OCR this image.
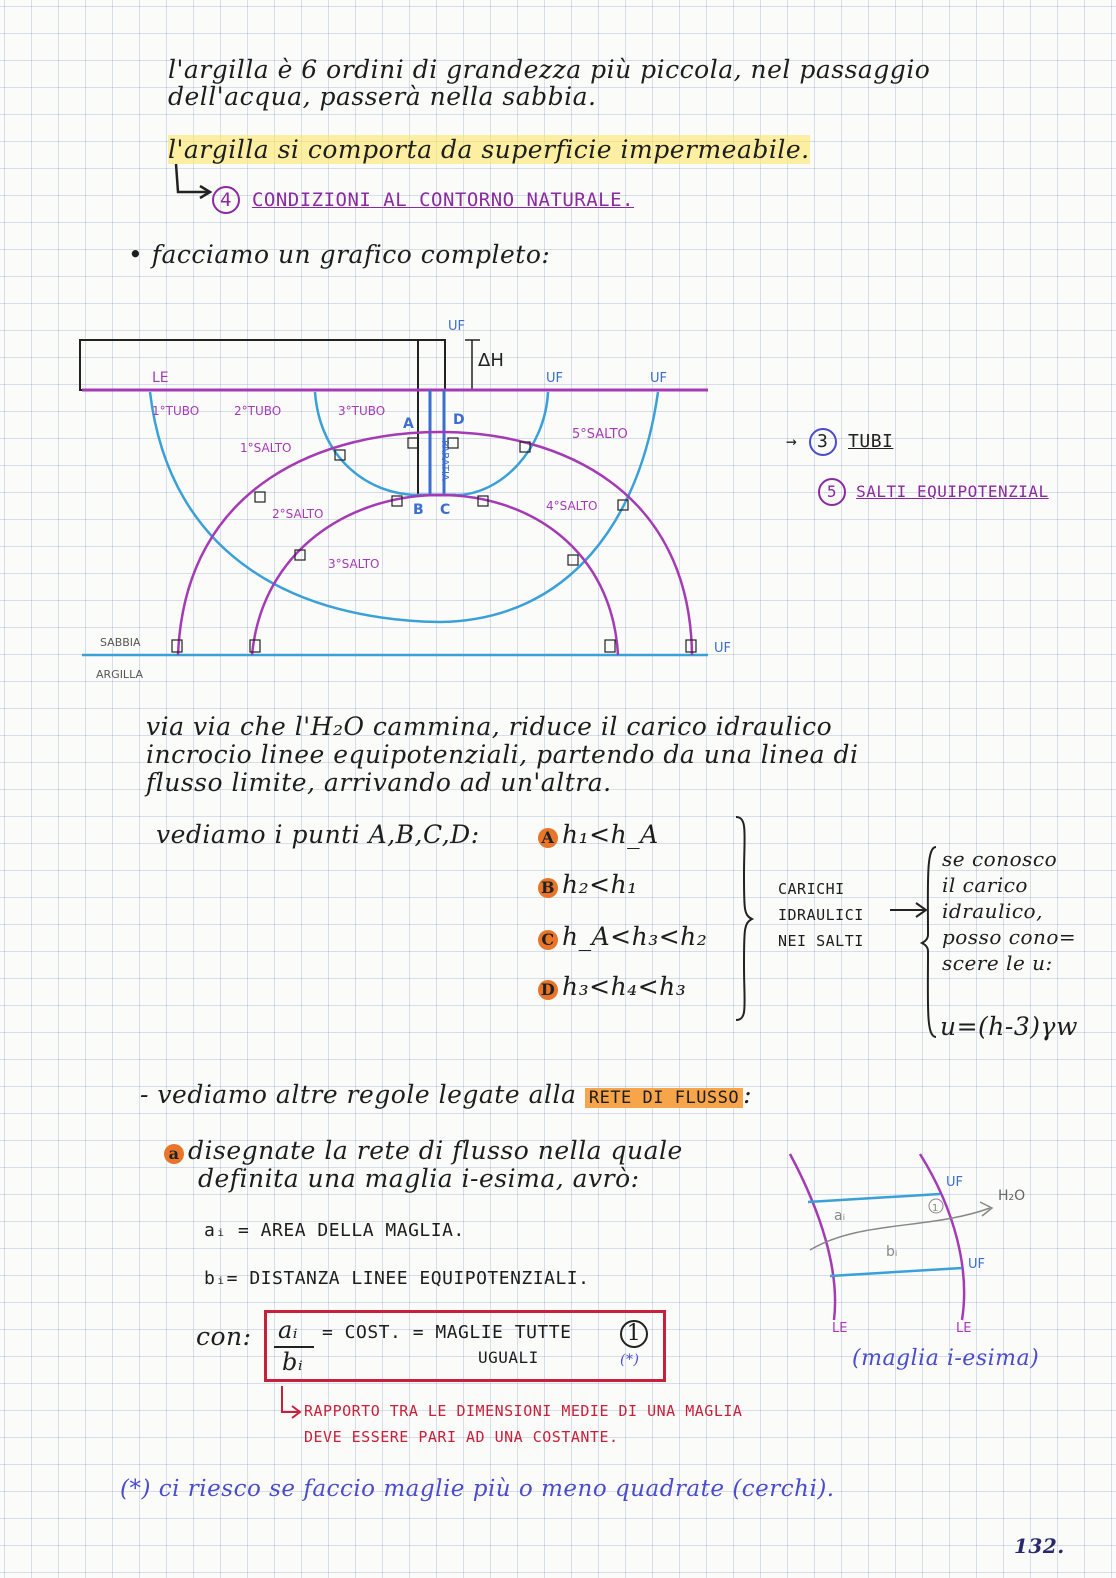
l'argilla è 6 ordini di grandezza più piccola, nel passaggio
dell'acqua, passerà nella sabbia.
l'argilla si comporta da superficie impermeabile.
4 CONDIZIONI AL CONTORNO NATURALE.
• facciamo un grafico completo:
UF
ΔH
LE	UF	UF
1°TUBO	2°TUBO	3°TUBO
1°SALTO
2°SALTO
3°SALTO
4°SALTO
5°SALTO
A	D
B C
PARATIA
SABBIA
ARGILLA
UF
→ 3 TUBI
5 SALTI EQUIPOTENZIAL
via via che l'H₂O cammina, riduce il carico idraulico
incrocio linee equipotenziali, partendo da una linea di
flusso limite, arrivando ad un'altra.
vediamo i punti A,B,C,D:	A h₁<h_A
B h₂<h₁
C h_A<h₃<h₂
D h₃<h₄<h₃
CARICHI
IDRAULICI
NEI SALTI
se conosco
il carico
idraulico,
posso cono=
scere le u:
u=(h-3)γw
- vediamo altre regole legate alla RETE DI FLUSSO :
a disegnate la rete di flusso nella quale
definita una maglia i-esima, avrò:
aᵢ = AREA DELLA MAGLIA.
bᵢ= DISTANZA LINEE EQUIPOTENZIALI.
con: aᵢ
bᵢ
= COST. = MAGLIE TUTTE
UGUALI
1
(*)
RAPPORTO TRA LE DIMENSIONI MEDIE DI UNA MAGLIA
DEVE ESSERE PARI AD UNA COSTANTE.
1
UF
H₂O
aᵢ
bᵢ
UF
LE	LE
(maglia i-esima)
(*) ci riesco se faccio maglie più o meno quadrate (cerchi).
132.
